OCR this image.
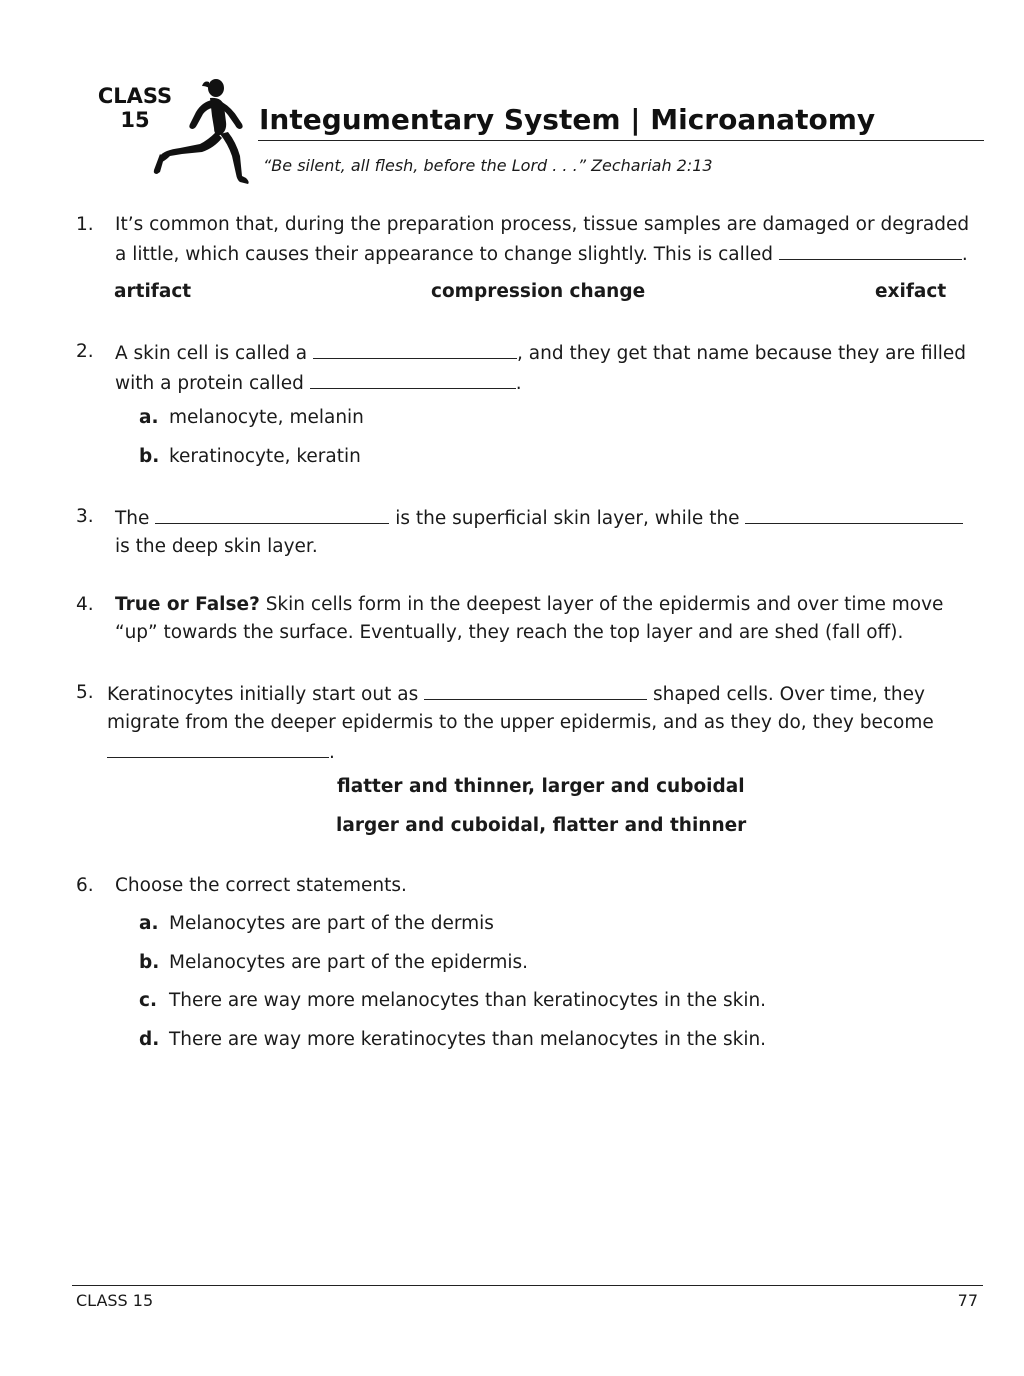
CLASS
15	Integumentary System | Microanatomy
“Be silent, all flesh, before the Lord . . .” Zechariah 2:13
1. It’s common that, during the preparation process, tissue samples are damaged or degraded
a little, which causes their appearance to change slightly. This is called	.
artifact	compression change	exifact
2. A skin cell is called a	, and they get that name because they are filled
with a protein called	.
a. melanocyte, melanin
b. keratinocyte, keratin
3. The	is the superficial skin layer, while the
is the deep skin layer.
4. True or False? Skin cells form in the deepest layer of the epidermis and over time move
“up” towards the surface. Eventually, they reach the top layer and are shed (fall off).
5. Keratinocytes initially start out as	shaped cells. Over time, they
migrate from the deeper epidermis to the upper epidermis, and as they do, they become
.
flatter and thinner, larger and cuboidal
larger and cuboidal, flatter and thinner
6. Choose the correct statements.
a. Melanocytes are part of the dermis
b. Melanocytes are part of the epidermis.
c. There are way more melanocytes than keratinocytes in the skin.
d. There are way more keratinocytes than melanocytes in the skin.
CLASS 15	77
